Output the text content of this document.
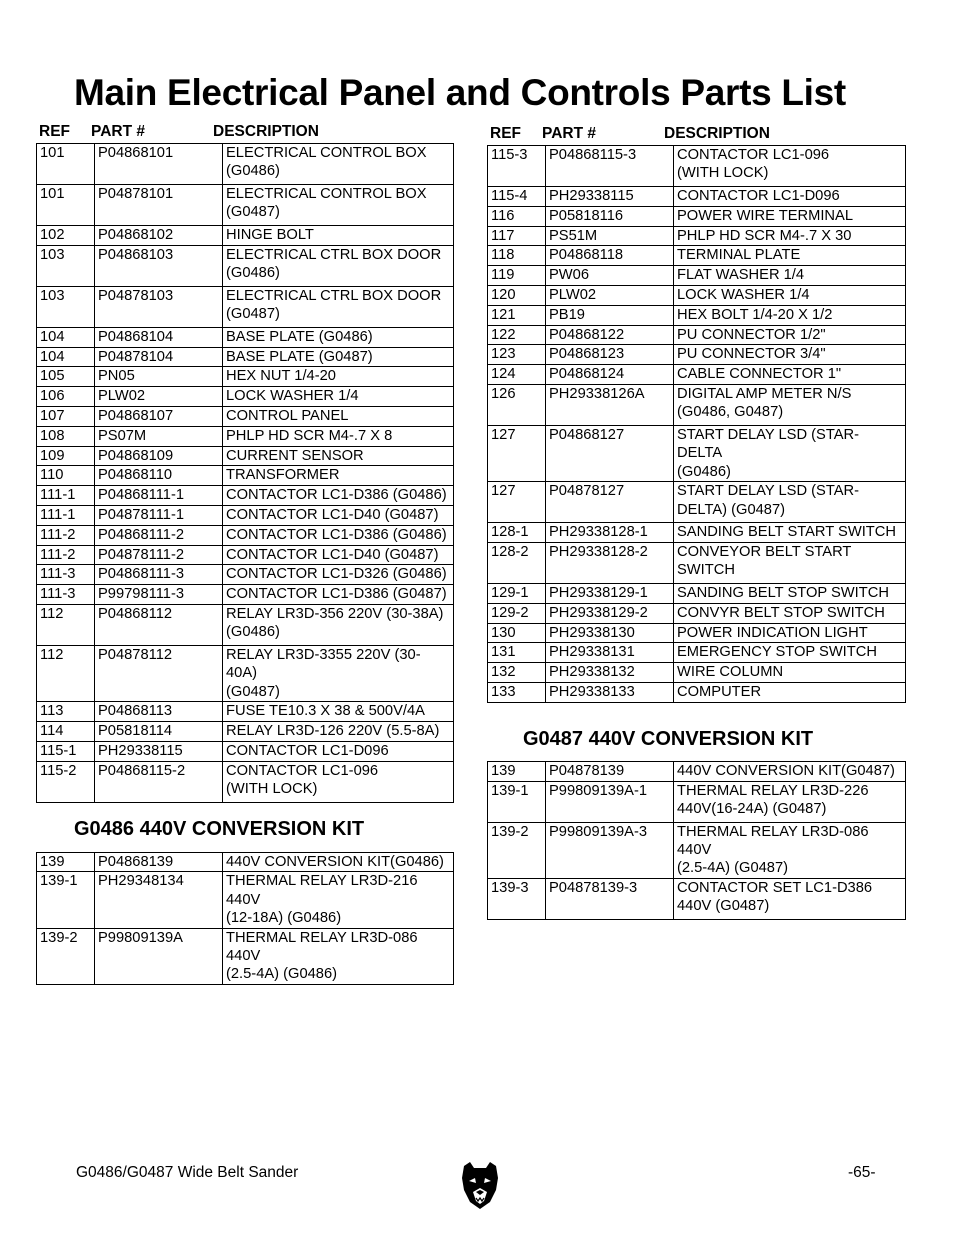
Main Electrical Panel and Controls Parts List
REF	PART #	DESCRIPTION
101	P04868101	ELECTRICAL CONTROL BOX
(G0486)
101	P04878101	ELECTRICAL CONTROL BOX
(G0487)
102	P04868102	HINGE BOLT
103	P04868103	ELECTRICAL CTRL BOX DOOR
(G0486)
103	P04878103	ELECTRICAL CTRL BOX DOOR
(G0487)
104	P04868104	BASE PLATE (G0486)
104	P04878104	BASE PLATE (G0487)
105	PN05	HEX NUT 1/4-20
106	PLW02	LOCK WASHER 1/4
107	P04868107	CONTROL PANEL
108	PS07M	PHLP HD SCR M4-.7 X 8
109	P04868109	CURRENT SENSOR
110	P04868110	TRANSFORMER
111-1	P04868111-1	CONTACTOR LC1-D386 (G0486)
111-1	P04878111-1	CONTACTOR LC1-D40 (G0487)
111-2	P04868111-2	CONTACTOR LC1-D386 (G0486)
111-2	P04878111-2	CONTACTOR LC1-D40 (G0487)
111-3	P04868111-3	CONTACTOR LC1-D326 (G0486)
111-3	P99798111-3	CONTACTOR LC1-D386 (G0487)
112	P04868112	RELAY LR3D-356 220V (30-38A)
(G0486)
112	P04878112	RELAY LR3D-3355 220V (30-40A)
(G0487)
113	P04868113	FUSE TE10.3 X 38 & 500V/4A
114	P05818114	RELAY LR3D-126 220V (5.5-8A)
115-1	PH29338115	CONTACTOR LC1-D096
115-2	P04868115-2	CONTACTOR LC1-096
(WITH LOCK)
G0486 440V CONVERSION KIT
139	P04868139	440V CONVERSION KIT(G0486)
139-1	PH29348134	THERMAL RELAY LR3D-216 440V
(12-18A) (G0486)
139-2	P99809139A	THERMAL RELAY LR3D-086 440V
(2.5-4A) (G0486)
REF	PART #	DESCRIPTION
115-3	P04868115-3	CONTACTOR LC1-096
(WITH LOCK)
115-4	PH29338115	CONTACTOR LC1-D096
116	P05818116	POWER WIRE TERMINAL
117	PS51M	PHLP HD SCR M4-.7 X 30
118	P04868118	TERMINAL PLATE
119	PW06	FLAT WASHER 1/4
120	PLW02	LOCK WASHER 1/4
121	PB19	HEX BOLT 1/4-20 X 1/2
122	P04868122	PU CONNECTOR 1/2"
123	P04868123	PU CONNECTOR 3/4"
124	P04868124	CABLE CONNECTOR 1"
126	PH29338126A	DIGITAL AMP METER N/S
(G0486, G0487)
127	P04868127	START DELAY LSD (STAR-DELTA
(G0486)
127	P04878127	START DELAY LSD (STAR-
DELTA) (G0487)
128-1	PH29338128-1	SANDING BELT START SWITCH
128-2	PH29338128-2	CONVEYOR BELT START
SWITCH
129-1	PH29338129-1	SANDING BELT STOP SWITCH
129-2	PH29338129-2	CONVYR BELT STOP SWITCH
130	PH29338130	POWER INDICATION LIGHT
131	PH29338131	EMERGENCY STOP SWITCH
132	PH29338132	WIRE COLUMN
133	PH29338133	COMPUTER
G0487 440V CONVERSION KIT
139	P04878139	440V CONVERSION KIT(G0487)
139-1	P99809139A-1	THERMAL RELAY LR3D-226
440V(16-24A) (G0487)
139-2	P99809139A-3	THERMAL RELAY LR3D-086 440V
(2.5-4A) (G0487)
139-3	P04878139-3	CONTACTOR SET LC1-D386
440V (G0487)
G0486/G0487 Wide Belt Sander	-65-
